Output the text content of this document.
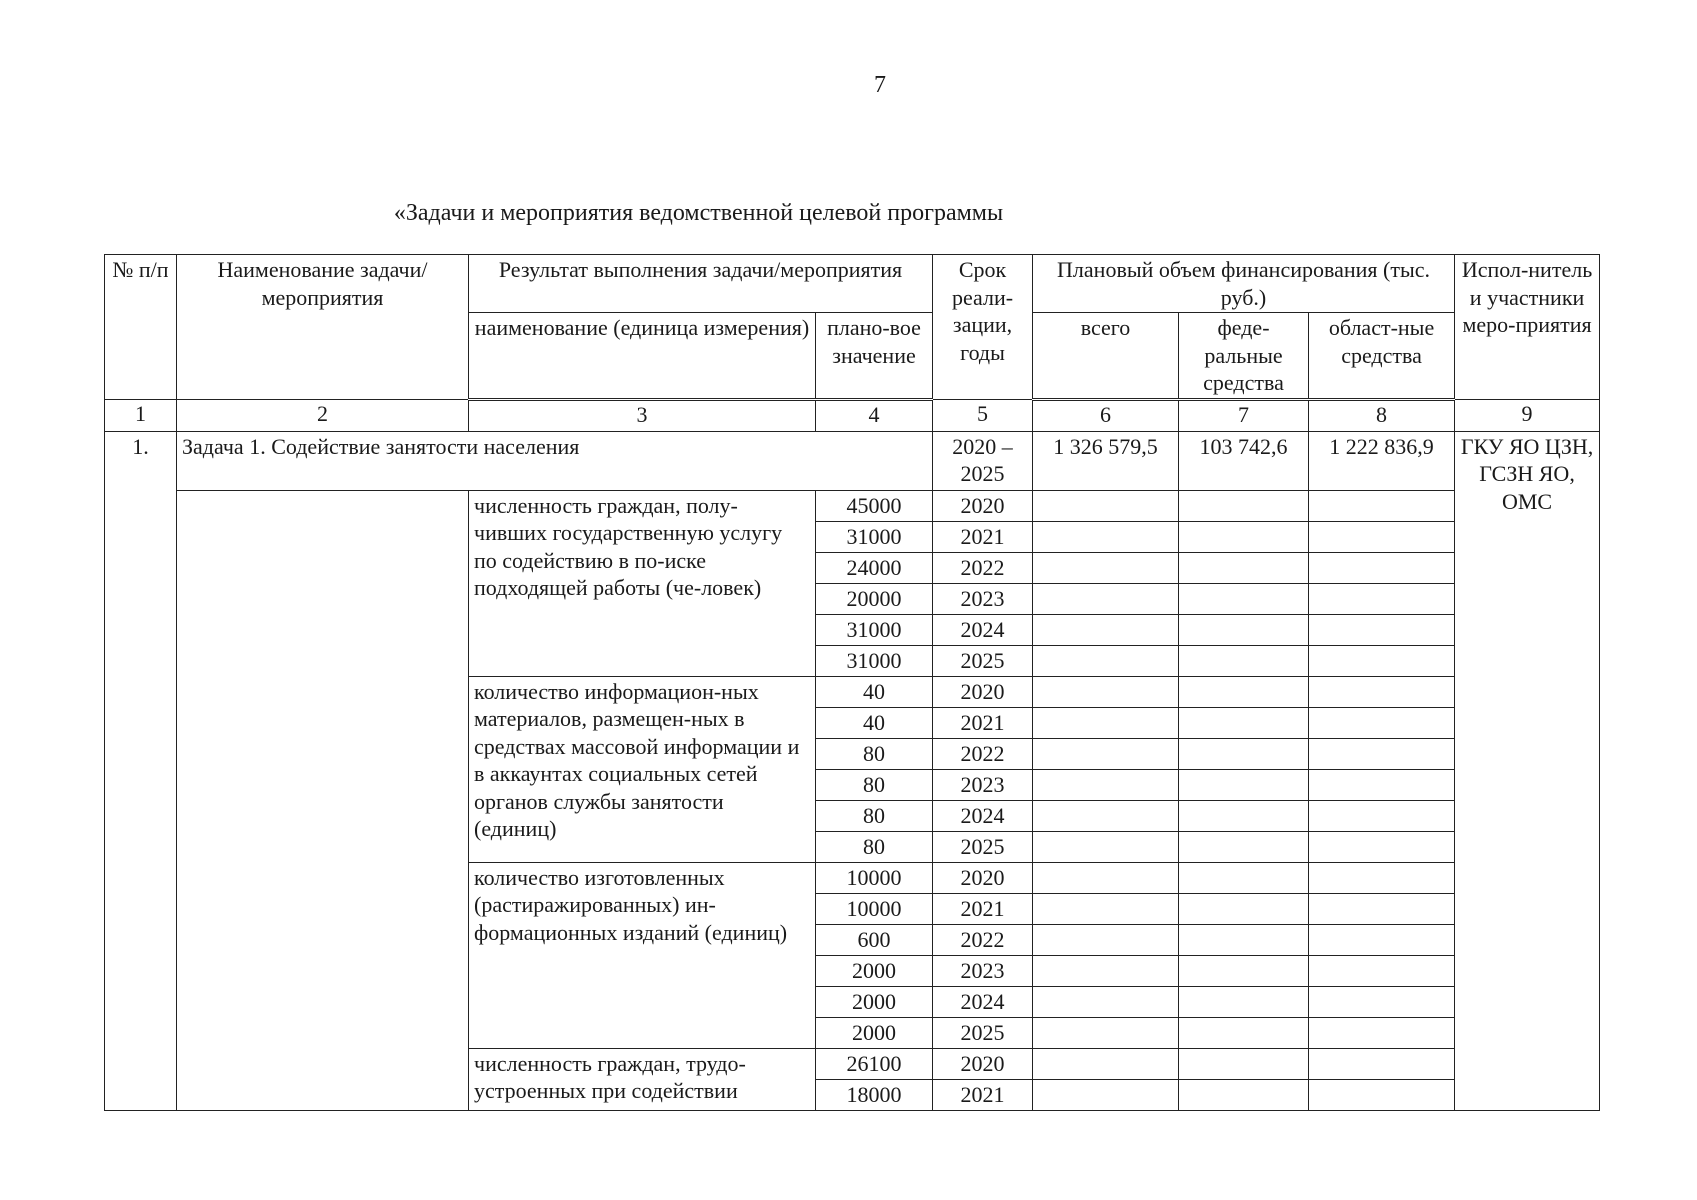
7
«Задачи и мероприятия ведомственной целевой программы
№ п/п	Наименование задачи/мероприятия	Результат выполнения задачи/мероприятия		Срок реали-зации, годы	Плановый объем финансирования (тыс. руб.)			Испол-нитель и участники меро-приятия
		наименование (единица измерения)	плано-вое значение		всего	феде-ральные средства	област-ные средства	
1	2	3	4	5	6	7	8	9
1.	Задача 1. Содействие занятости населения			2020 – 2025	1 326 579,5	103 742,6	1 222 836,9	ГКУ ЯО ЦЗН, ГСЗН ЯО, ОМС
		численность граждан, полу-чивших государственную услугу по содействию в по-иске подходящей работы (че-ловек)	45000	2020				
			31000	2021				
			24000	2022				
			20000	2023				
			31000	2024				
			31000	2025				
		количество информацион-ных материалов, размещен-ных в средствах массовой информации и в аккаунтах социальных сетей органов службы занятости (единиц)	40	2020				
			40	2021				
			80	2022				
			80	2023				
			80	2024				
			80	2025				
		количество изготовленных (растиражированных) ин-формационных изданий (единиц)	10000	2020				
			10000	2021				
			600	2022				
			2000	2023				
			2000	2024				
			2000	2025				
		численность граждан, трудо-устроенных при содействии	26100	2020				
			18000	2021				
